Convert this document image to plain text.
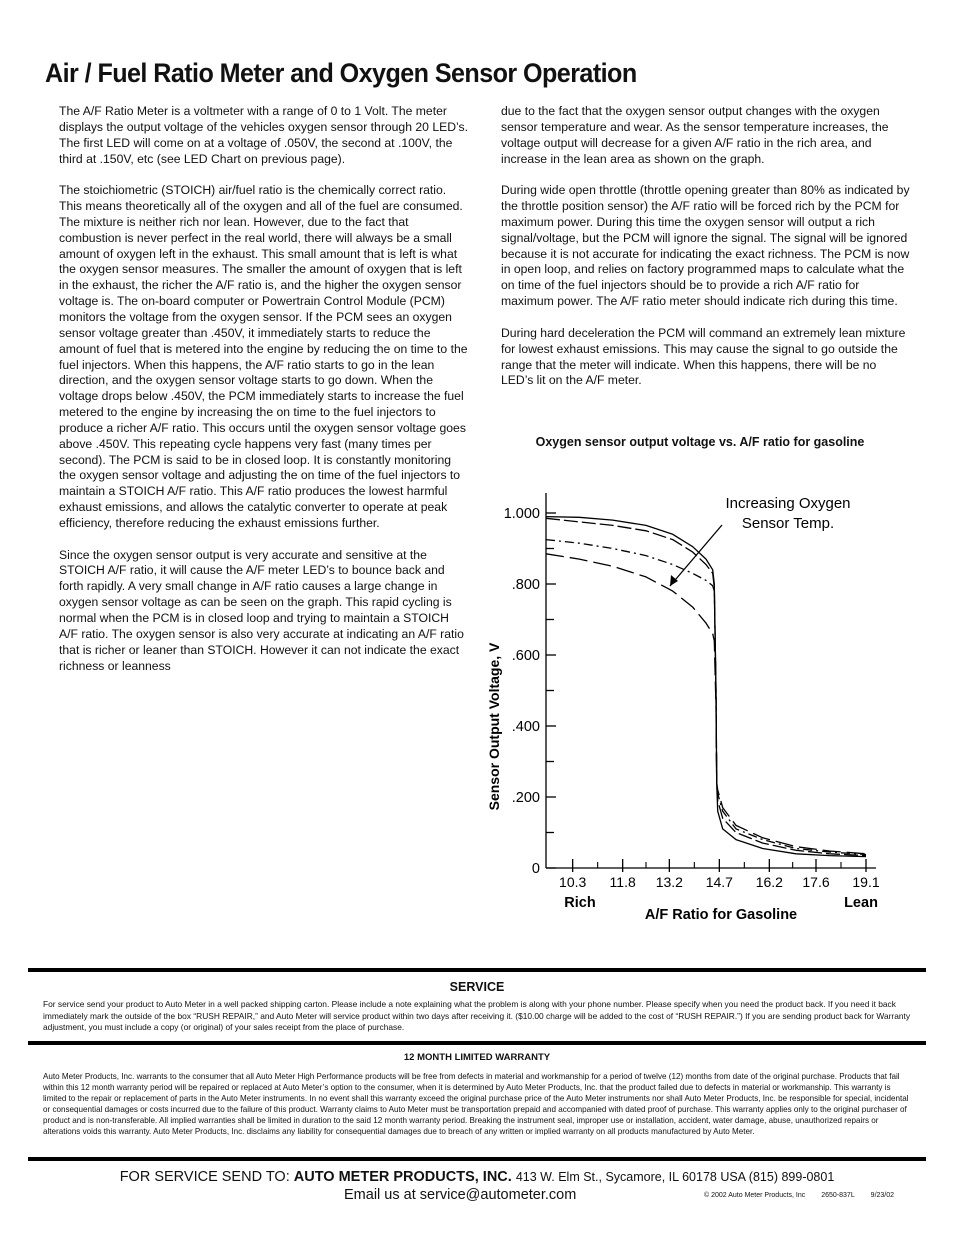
Air / Fuel Ratio Meter and Oxygen Sensor Operation

The A/F Ratio Meter is a voltmeter with a range of 0 to 1 Volt. The meter displays the output voltage of the vehicles oxygen sensor through 20 LED’s. The first LED will come on at a voltage of .050V, the second at .100V, the third at .150V, etc (see LED Chart on previous page).

The stoichiometric (STOICH) air/fuel ratio is the chemically correct ratio. This means theoretically all of the oxygen and all of the fuel are consumed. The mixture is neither rich nor lean. However, due to the fact that combustion is never perfect in the real world, there will always be a small amount of oxygen left in the exhaust. This small amount that is left is what the oxygen sensor measures. The smaller the amount of oxygen that is left in the exhaust, the richer the A/F ratio is, and the higher the oxygen sensor voltage is. The on-board computer or Powertrain Control Module (PCM) monitors the voltage from the oxygen sensor. If the PCM sees an oxygen sensor voltage greater than .450V, it immediately starts to reduce the amount of fuel that is metered into the engine by reducing the on time to the fuel injectors. When this happens, the A/F ratio starts to go in the lean direction, and the oxygen sensor voltage starts to go down. When the voltage drops below .450V, the PCM immediately starts to increase the fuel metered to the engine by increasing the on time to the fuel injectors to produce a richer A/F ratio. This occurs until the oxygen sensor voltage goes above .450V. This repeating cycle happens very fast (many times per second). The PCM is said to be in closed loop. It is constantly monitoring the oxygen sensor voltage and adjusting the on time of the fuel injectors to maintain a STOICH A/F ratio. This A/F ratio produces the lowest harmful exhaust emissions, and allows the catalytic converter to operate at peak efficiency, therefore reducing the exhaust emissions further.

Since the oxygen sensor output is very accurate and sensitive at the STOICH A/F ratio, it will cause the A/F meter LED’s to bounce back and forth rapidly. A very small change in A/F ratio causes a large change in oxygen sensor voltage as can be seen on the graph. This rapid cycling is normal when the PCM is in closed loop and trying to maintain a STOICH A/F ratio. The oxygen sensor is also very accurate at indicating an A/F ratio that is richer or leaner than STOICH. However it can not indicate the exact richness or leanness

due to the fact that the oxygen sensor output changes with the oxygen sensor temperature and wear. As the sensor temperature increases, the voltage output will decrease for a given A/F ratio in the rich area, and increase in the lean area as shown on the graph.

During wide open throttle (throttle opening greater than 80% as indicated by the throttle position sensor) the A/F ratio will be forced rich by the PCM for maximum power. During this time the oxygen sensor will output a rich signal/voltage, but the PCM will ignore the signal. The signal will be ignored because it is not accurate for indicating the exact richness. The PCM is now in open loop, and relies on factory programmed maps to calculate what the on time of the fuel injectors should be to provide a rich A/F ratio for maximum power. The A/F ratio meter should indicate rich during this time.

During hard deceleration the PCM will command an extremely lean mixture for lowest exhaust emissions. This may cause the signal to go outside the range that the meter will indicate. When this happens, there will be no LED’s lit on the A/F meter.

Oxygen sensor output voltage vs. A/F ratio for gasoline
0
.200
.400
.600
.800
1.000
10.3 11.8 13.2 14.7 16.2 17.6 19.1
Increasing Oxygen
Sensor Temp.
Sensor Output Voltage, V
Rich	Lean
A/F Ratio for Gasoline
SERVICE
For service send your product to Auto Meter in a well packed shipping carton. Please include a note explaining what the problem is along with your phone number. Please specify when you need the product back. If you need it back immediately mark the outside of the box “RUSH REPAIR,” and Auto Meter will service product within two days after receiving it. ($10.00 charge will be added to the cost of “RUSH REPAIR.”) If you are sending product back for Warranty adjustment, you must include a copy (or original) of your sales receipt from the place of purchase.
12 MONTH LIMITED WARRANTY
Auto Meter Products, Inc. warrants to the consumer that all Auto Meter High Performance products will be free from defects in material and workmanship for a period of twelve (12) months from date of the original purchase. Products that fail within this 12 month warranty period will be repaired or replaced at Auto Meter’s option to the consumer, when it is determined by Auto Meter Products, Inc. that the product failed due to defects in material or workmanship. This warranty is limited to the repair or replacement of parts in the Auto Meter instruments. In no event shall this warranty exceed the original purchase price of the Auto Meter instruments nor shall Auto Meter Products, Inc. be responsible for special, incidental or consequential damages or costs incurred due to the failure of this product. Warranty claims to Auto Meter must be transportation prepaid and accompanied with dated proof of purchase. This warranty applies only to the original purchaser of product and is non-transferable. All implied warranties shall be limited in duration to the said 12 month warranty period. Breaking the instrument seal, improper use or installation, accident, water damage, abuse, unauthorized repairs or alterations voids this warranty. Auto Meter Products, Inc. disclaims any liability for consequential damages due to breach of any written or implied warranty on all products manufactured by Auto Meter.
FOR SERVICE SEND TO: AUTO METER PRODUCTS, INC. 413 W. Elm St., Sycamore, IL 60178 USA (815) 899-0801
Email us at service@autometer.com	© 2002 Auto Meter Products, Inc 2650-837L 9/23/02
